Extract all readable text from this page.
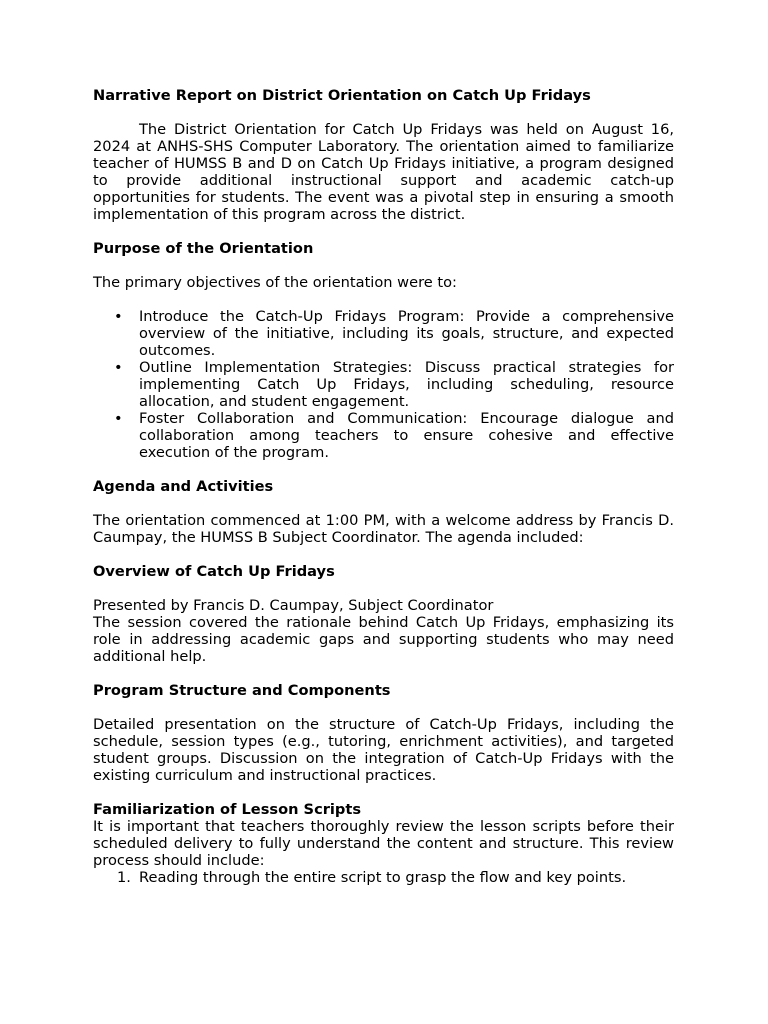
Narrative Report on District Orientation on Catch Up Fridays

The District Orientation for Catch Up Fridays was held on August 16, 2024 at ANHS-SHS Computer Laboratory. The orientation aimed to familiarize teacher of HUMSS B and D on Catch Up Fridays initiative, a program designed to provide additional instructional support and academic catch-up opportunities for students. The event was a pivotal step in ensuring a smooth implementation of this program across the district.

Purpose of the Orientation

The primary objectives of the orientation were to:

• Introduce the Catch-Up Fridays Program: Provide a comprehensive overview of the initiative, including its goals, structure, and expected outcomes.
• Outline Implementation Strategies: Discuss practical strategies for implementing Catch Up Fridays, including scheduling, resource allocation, and student engagement.
• Foster Collaboration and Communication: Encourage dialogue and collaboration among teachers to ensure cohesive and effective execution of the program.

Agenda and Activities

The orientation commenced at 1:00 PM, with a welcome address by Francis D. Caumpay, the HUMSS B Subject Coordinator. The agenda included:

Overview of Catch Up Fridays

Presented by Francis D. Caumpay, Subject Coordinator

The session covered the rationale behind Catch Up Fridays, emphasizing its role in addressing academic gaps and supporting students who may need additional help.

Program Structure and Components

Detailed presentation on the structure of Catch-Up Fridays, including the schedule, session types (e.g., tutoring, enrichment activities), and targeted student groups. Discussion on the integration of Catch-Up Fridays with the existing curriculum and instructional practices.

Familiarization of Lesson Scripts

It is important that teachers thoroughly review the lesson scripts before their scheduled delivery to fully understand the content and structure. This review process should include:

1. Reading through the entire script to grasp the flow and key points.
